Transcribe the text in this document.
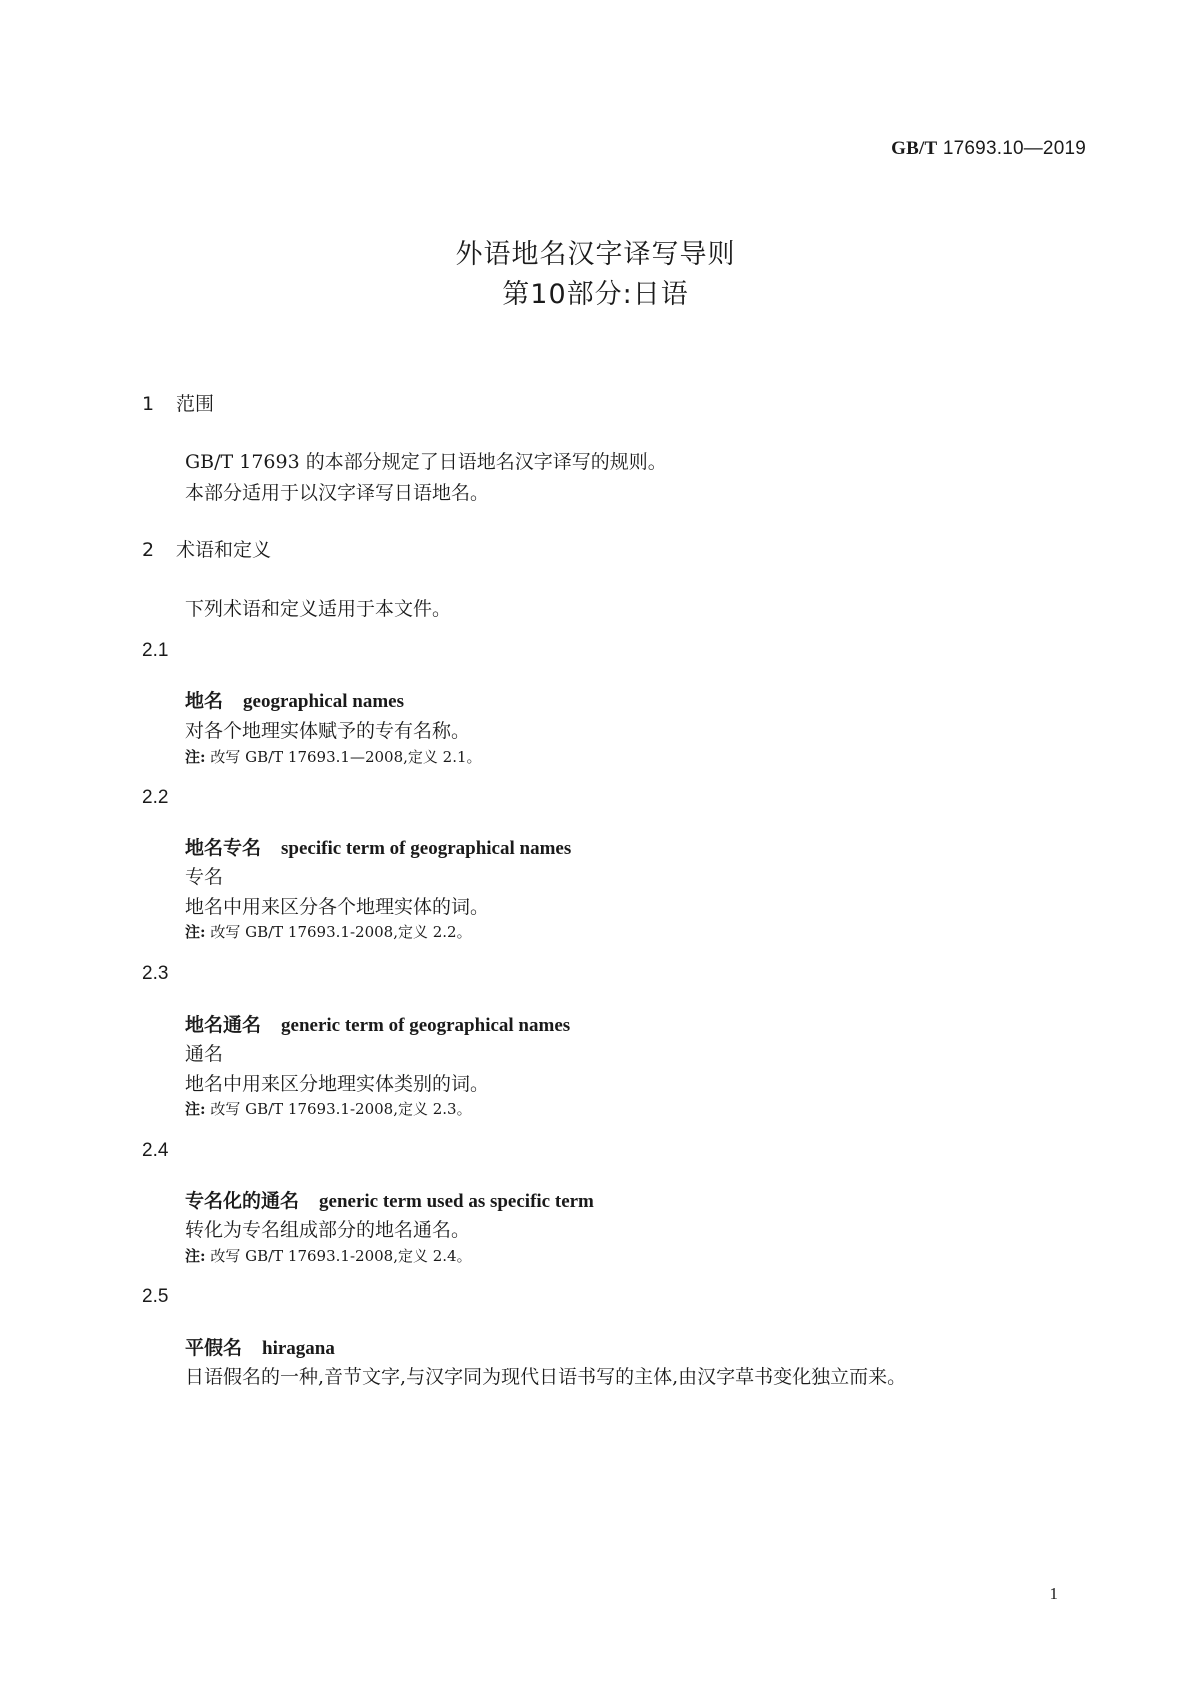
GB/T 17693.10—2019
外语地名汉字译写导则
第10部分:日语
1 范围
GB/T 17693 的本部分规定了日语地名汉字译写的规则。
本部分适用于以汉字译写日语地名。
2 术语和定义
下列术语和定义适用于本文件。
2.1
地名 geographical names
对各个地理实体赋予的专有名称。
注: 改写 GB/T 17693.1—2008,定义 2.1。
2.2
地名专名 specific term of geographical names
专名
地名中用来区分各个地理实体的词。
注: 改写 GB/T 17693.1-2008,定义 2.2。
2.3
地名通名 generic term of geographical names
通名
地名中用来区分地理实体类别的词。
注: 改写 GB/T 17693.1-2008,定义 2.3。
2.4
专名化的通名 generic term used as specific term
转化为专名组成部分的地名通名。
注: 改写 GB/T 17693.1-2008,定义 2.4。
2.5
平假名 hiragana
日语假名的一种,音节文字,与汉字同为现代日语书写的主体,由汉字草书变化独立而来。
1
